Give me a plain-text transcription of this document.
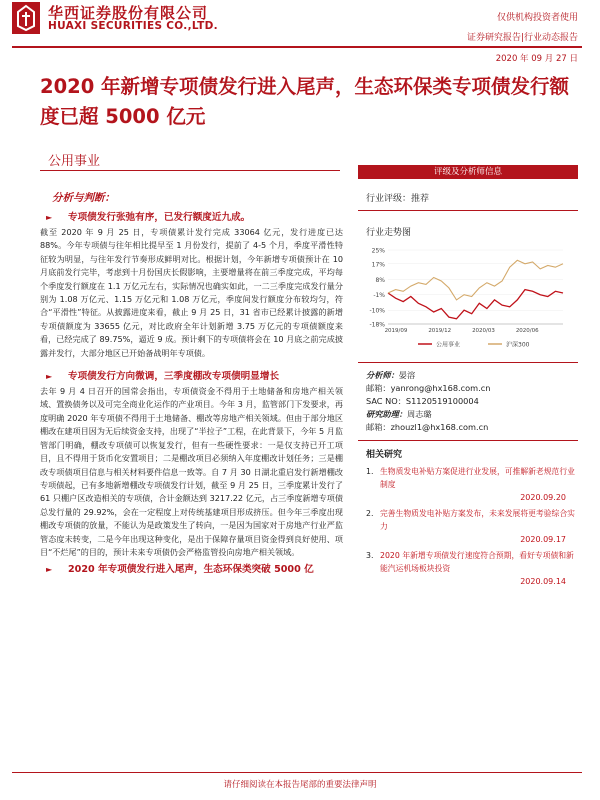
华西证券股份有限公司
HUAXI SECURITIES CO.,LTD.
仅供机构投资者使用
证券研究报告|行业动态报告
2020 年 09 月 27 日
2020 年新增专项债发行进入尾声，生态环保类专项债发行额度已超 5000 亿元
公用事业
分析与判断：
►	专项债发行张弛有序，已发行额度近九成。
截至 2020 年 9 月 25 日，专项债累计发行完成 33064 亿元，发行进度已达 88%。今年专项债与往年相比提早至 1 月份发行，提前了 4-5 个月，季度平滑性特征较为明显，与往年发行节奏形成鲜明对比。根据计划，今年新增专项债预计在 10 月底前发行完毕，考虑到十月份国庆长假影响，主要增量将在前三季度完成，平均每个季度发行额度在 1.1 万亿元左右，实际情况也确实如此，一二三季度完成发行量分别为 1.08 万亿元、1.15 万亿元和 1.08 万亿元，季度间发行额度分布较均匀，符合“平滑性”特征。从披露进度来看，截止 9 月 25 日，31 省市已经累计披露的新增专项债额度为 33655 亿元，对比政府全年计划新增 3.75 万亿元的专项债额度来看，已经完成了 89.75%，逼近 9 成。预计剩下的专项债将会在 10 月底之前完成披露并发行，大部分地区已开始备战明年专项债。
►	专项债发行方向微调，三季度棚改专项债明显增长
去年 9 月 4 日召开的国常会指出，专项债资金不得用于土地储备和房地产相关领域、置换债务以及可完全商业化运作的产业项目。今年 3 月，监管部门下发要求，再度明确 2020 年专项债不得用于土地储备、棚改等房地产相关领域。但由于部分地区棚改在建项目因为无后续资金支持，出现了“半拉子”工程，在此背景下，今年 5 月监管部门明确，棚改专项债可以恢复发行，但有一些硬性要求：一是仅支持已开工项目，且不得用于货币化安置项目；二是棚改项目必须纳入年度棚改计划任务；三是棚改专项债项目信息与相关材料要件信息一致等。自 7 月 30 日湖北重启发行新增棚改专项债起，已有多地新增棚改专项债发行计划，截至 9 月 25 日，三季度累计发行了 61 只棚户区改造相关的专项债，合计金额达到 3217.22 亿元，占三季度新增专项债总发行量的 29.92%，会在一定程度上对传统基建项目形成挤压。但今年三季度出现棚改专项债的放量，不能认为是政策发生了转向，一是因为国家对于房地产行业严监管态度未转变，二是今年出现这种变化，是出于保障存量项目资金得到良好使用、项目“不烂尾”的目的，预计未来专项债仍会严格监管投向房地产相关领域。
►	2020 年专项债发行进入尾声，生态环保类突破 5000 亿
评级及分析师信息
行业评级：推荐
行业走势图
25%
17%
8%
-1%
-10%
-18%
2019/09	2019/12	2020/03	2020/06
公用事业	沪深300
分析师：晏溶
邮箱：yanrong@hx168.com.cn
SAC NO：S1120519100004
研究助理：周志璐
邮箱：zhouzl1@hx168.com.cn
相关研究
1. 生物质发电补贴方案促进行业发展，可推解新老规范行业制度
2020.09.20
2. 完善生物质发电补贴方案发布，未来发展将更考验综合实力
2020.09.17
3. 2020 年新增专项债发行速度符合预期，看好专项债和新能汽运机场板块投资
2020.09.14
请仔细阅读在本报告尾部的重要法律声明
